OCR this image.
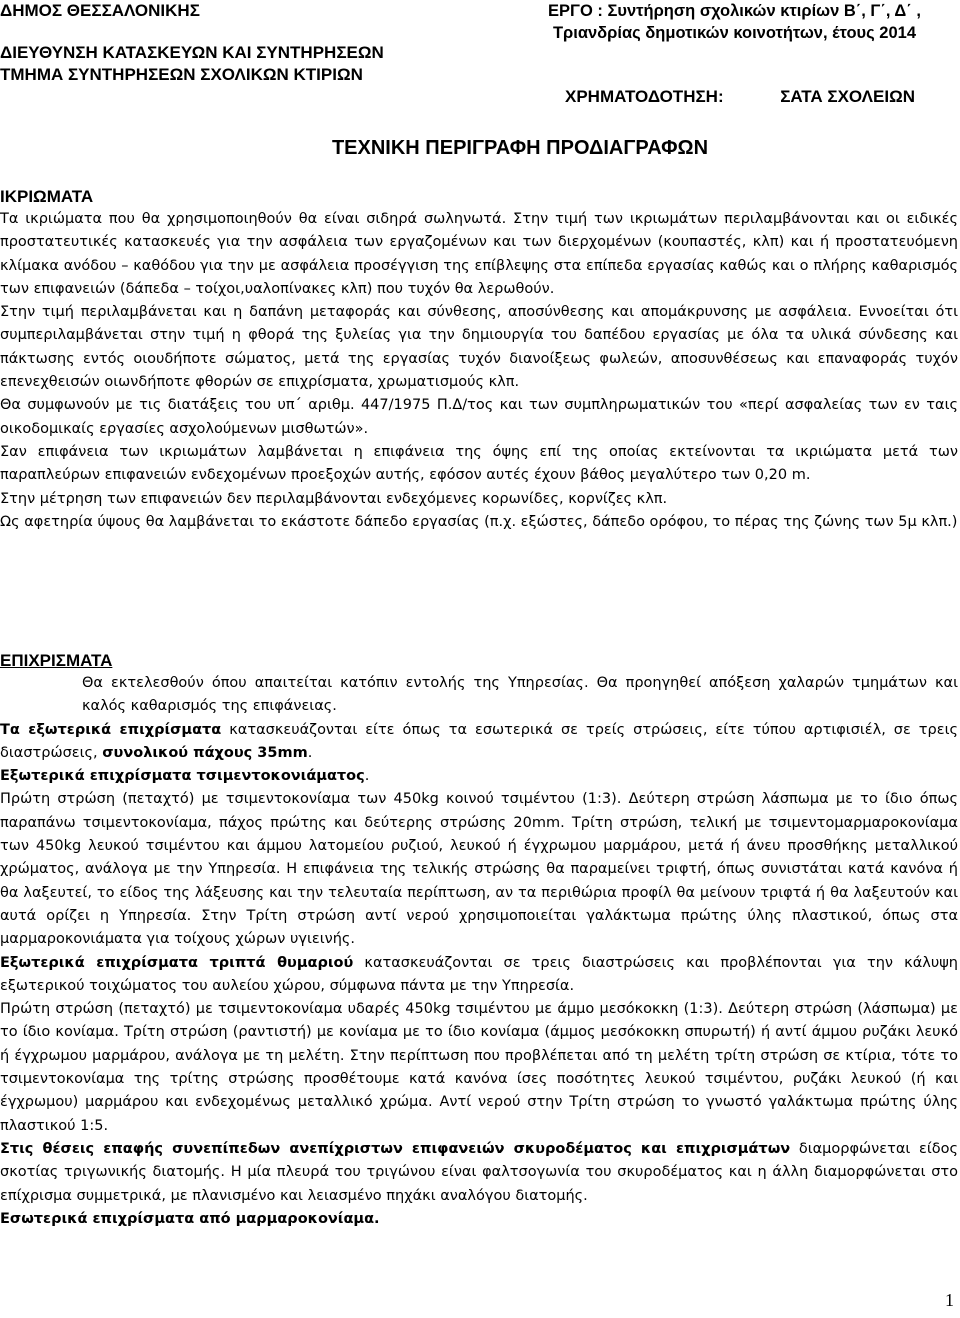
ΔΗΜΟΣ ΘΕΣΣΑΛΟΝΙΚΗΣ
ΔΙΕΥΘΥΝΣΗ ΚΑΤΑΣΚΕΥΩΝ ΚΑΙ ΣΥΝΤΗΡΗΣΕΩΝ
ΤΜΗΜΑ ΣΥΝΤΗΡΗΣΕΩΝ ΣΧΟΛΙΚΩΝ ΚΤΙΡΙΩΝ
ΕΡΓΟ : Συντήρηση σχολικών κτιρίων Β΄, Γ΄, Δ΄ ,
Τριανδρίας δημοτικών κοινοτήτων, έτους 2014
ΧΡΗΜΑΤΟΔΟΤΗΣΗ:	ΣΑΤΑ ΣΧΟΛΕΙΩΝ
ΤΕΧΝΙΚΗ ΠΕΡΙΓΡΑΦΗ ΠΡΟΔΙΑΓΡΑΦΩΝ
ΙΚΡΙΩΜΑΤΑ

Τα ικριώματα που θα χρησιμοποιηθούν θα είναι σιδηρά σωληνωτά. Στην τιμή των ικριωμάτων περιλαμβάνονται και οι ειδικές προστατευτικές κατασκευές για την ασφάλεια των εργαζομένων και των διερχομένων (κουπαστές, κλπ) και ή προστατευόμενη κλίμακα ανόδου – καθόδου για την με ασφάλεια προσέγγιση της επίβλεψης στα επίπεδα εργασίας καθώς και ο πλήρης καθαρισμός των επιφανειών (δάπεδα – τοίχοι,υαλοπίνακες κλπ) που τυχόν θα λερωθούν.

Στην τιμή περιλαμβάνεται και η δαπάνη μεταφοράς και σύνθεσης, αποσύνθεσης και απομάκρυνσης με ασφάλεια. Εννοείται ότι συμπεριλαμβάνεται στην τιμή η φθορά της ξυλείας για την δημιουργία του δαπέδου εργασίας με όλα τα υλικά σύνδεσης και πάκτωσης εντός οιουδήποτε σώματος, μετά της εργασίας τυχόν διανοίξεως φωλεών, αποσυνθέσεως και επαναφοράς τυχόν επενεχθεισών οιωνδήποτε φθορών σε επιχρίσματα, χρωματισμούς κλπ.

Θα συμφωνούν με τις διατάξεις του υπ΄ αριθμ. 447/1975 Π.Δ/τος και των συμπληρωματικών του «περί ασφαλείας των εν ταις οικοδομικαίς εργασίες ασχολούμενων μισθωτών».

Σαν επιφάνεια των ικριωμάτων λαμβάνεται η επιφάνεια της όψης επί της οποίας εκτείνονται τα ικριώματα μετά των παραπλεύρων επιφανειών ενδεχομένων προεξοχών αυτής, εφόσον αυτές έχουν βάθος μεγαλύτερο των 0,20 m.

Στην μέτρηση των επιφανειών δεν περιλαμβάνονται ενδεχόμενες κορωνίδες, κορνίζες κλπ.

Ως αφετηρία ύψους θα λαμβάνεται το εκάστοτε δάπεδο εργασίας (π.χ. εξώστες, δάπεδο ορόφου, το πέρας της ζώνης των 5μ κλπ.)

ΕΠΙΧΡΙΣΜΑΤΑ

Θα εκτελεσθούν όπου απαιτείται κατόπιν εντολής της Υπηρεσίας. Θα προηγηθεί απόξεση χαλαρών τμημάτων και καλός καθαρισμός της επιφάνειας.

Τα εξωτερικά επιχρίσματα κατασκευάζονται είτε όπως τα εσωτερικά σε τρείς στρώσεις, είτε τύπου αρτιφισιέλ, σε τρεις διαστρώσεις, συνολικού πάχους 35mm.

Εξωτερικά επιχρίσματα τσιμεντοκονιάματος.

Πρώτη στρώση (πεταχτό) με τσιμεντοκονίαμα των 450kg κοινού τσιμέντου (1:3). Δεύτερη στρώση λάσπωμα με το ίδιο όπως παραπάνω τσιμεντοκονίαμα, πάχος πρώτης και δεύτερης στρώσης 20mm. Τρίτη στρώση, τελική με τσιμεντομαρμαροκονίαμα των 450kg λευκού τσιμέντου και άμμου λατομείου ρυζιού, λευκού ή έγχρωμου μαρμάρου, μετά ή άνευ προσθήκης μεταλλικού χρώματος, ανάλογα με την Υπηρεσία. Η επιφάνεια της τελικής στρώσης θα παραμείνει τριφτή, όπως συνιστάται κατά κανόνα ή θα λαξευτεί, το είδος της λάξευσης και την τελευταία περίπτωση, αν τα περιθώρια προφίλ θα μείνουν τριφτά ή θα λαξευτούν και αυτά ορίζει η Υπηρεσία. Στην Τρίτη στρώση αντί νερού χρησιμοποιείται γαλάκτωμα πρώτης ύλης πλαστικού, όπως στα μαρμαροκονιάματα για τοίχους χώρων υγιεινής.

Εξωτερικά επιχρίσματα τριπτά θυμαριού κατασκευάζονται σε τρεις διαστρώσεις και προβλέπονται για την κάλυψη εξωτερικού τοιχώματος του αυλείου χώρου, σύμφωνα πάντα με την Υπηρεσία.

Πρώτη στρώση (πεταχτό) με τσιμεντοκονίαμα υδαρές 450kg τσιμέντου με άμμο μεσόκοκκη (1:3). Δεύτερη στρώση (λάσπωμα) με το ίδιο κονίαμα. Τρίτη στρώση (ραντιστή) με κονίαμα με το ίδιο κονίαμα (άμμος μεσόκοκκη σπυρωτή) ή αντί άμμου ρυζάκι λευκό ή έγχρωμου μαρμάρου, ανάλογα με τη μελέτη. Στην περίπτωση που προβλέπεται από τη μελέτη τρίτη στρώση σε κτίρια, τότε το τσιμεντοκονίαμα της τρίτης στρώσης προσθέτουμε κατά κανόνα ίσες ποσότητες λευκού τσιμέντου, ρυζάκι λευκού (ή και έγχρωμου) μαρμάρου και ενδεχομένως μεταλλικό χρώμα. Αντί νερού στην Τρίτη στρώση το γνωστό γαλάκτωμα πρώτης ύλης πλαστικού 1:5.

Στις θέσεις επαφής συνεπίπεδων ανεπίχριστων επιφανειών σκυροδέματος και επιχρισμάτων διαμορφώνεται είδος σκοτίας τριγωνικής διατομής. Η μία πλευρά του τριγώνου είναι φαλτσογωνία του σκυροδέματος και η άλλη διαμορφώνεται στο επίχρισμα συμμετρικά, με πλανισμένο και λειασμένο πηχάκι αναλόγου διατομής.

Εσωτερικά επιχρίσματα από μαρμαροκονίαμα.

1
